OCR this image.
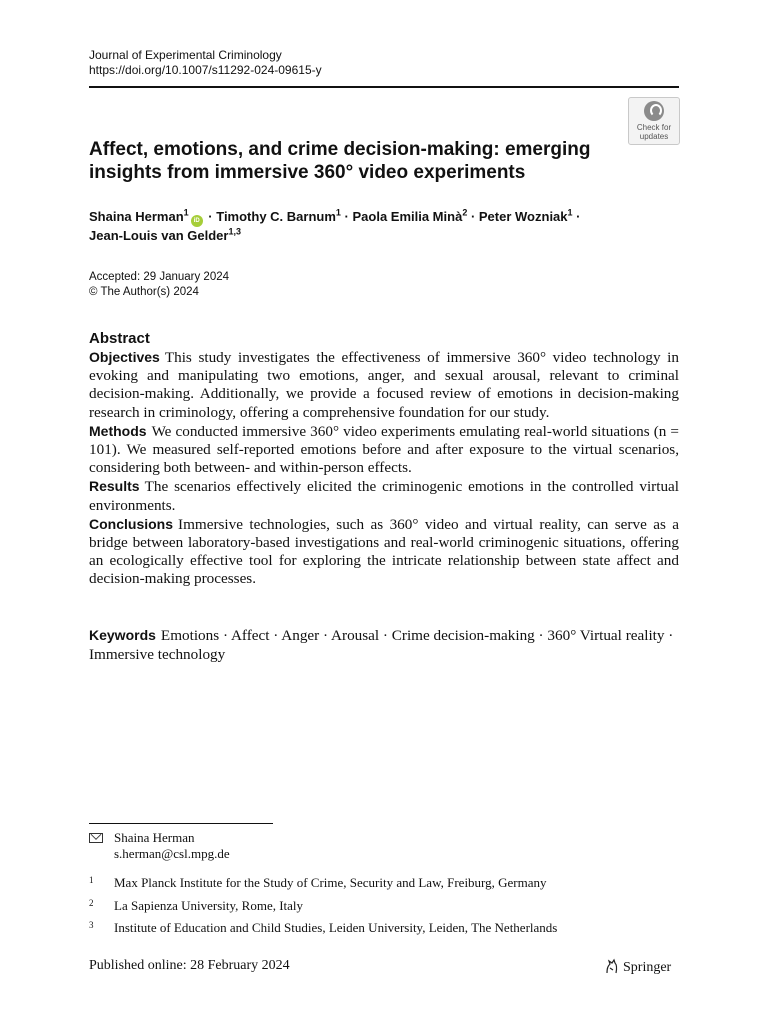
Journal of Experimental Criminology
https://doi.org/10.1007/s11292-024-09615-y
Check for
updates
Affect, emotions, and crime decision-making: emerging insights from immersive 360° video experiments
Shaina Herman$^1$iD · Timothy C. Barnum$^1$ · Paola Emilia Minà$^2$ · Peter Wozniak$^1$ ·
Jean-Louis van Gelder$^{1,3}$
Accepted: 29 January 2024
© The Author(s) 2024
Abstract

Objectives This study investigates the effectiveness of immersive 360° video technology in evoking and manipulating two emotions, anger, and sexual arousal, relevant to criminal decision-making. Additionally, we provide a focused review of emotions in decision-making research in criminology, offering a comprehensive foundation for our study.

Methods We conducted immersive 360° video experiments emulating real-world situations (n = 101). We measured self-reported emotions before and after exposure to the virtual scenarios, considering both between- and within-person effects.

Results The scenarios effectively elicited the criminogenic emotions in the controlled virtual environments.

Conclusions Immersive technologies, such as 360° video and virtual reality, can serve as a bridge between laboratory-based investigations and real-world criminogenic situations, offering an ecologically effective tool for exploring the intricate relationship between state affect and decision-making processes.

Keywords Emotions · Affect · Anger · Arousal · Crime decision-making · 360° Virtual reality · Immersive technology
Shaina Herman
s.herman@csl.mpg.de
1 Max Planck Institute for the Study of Crime, Security and Law, Freiburg, Germany
2 La Sapienza University, Rome, Italy
3 Institute of Education and Child Studies, Leiden University, Leiden, The Netherlands
Published online: 28 February 2024	Springer
